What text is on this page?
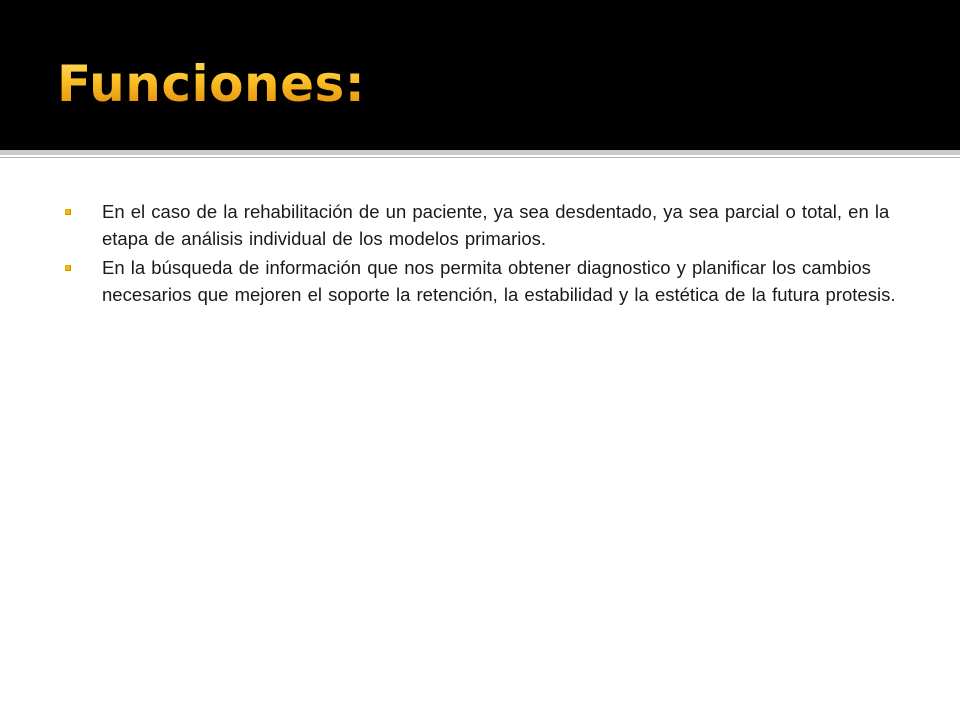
Funciones:
En el caso de la rehabilitación de un paciente, ya sea desdentado, ya sea parcial o total, en la etapa de análisis individual de los modelos primarios.
En la búsqueda de información que nos permita obtener diagnostico y planificar los cambios necesarios que mejoren el soporte la retención, la estabilidad y la estética de la futura protesis.
